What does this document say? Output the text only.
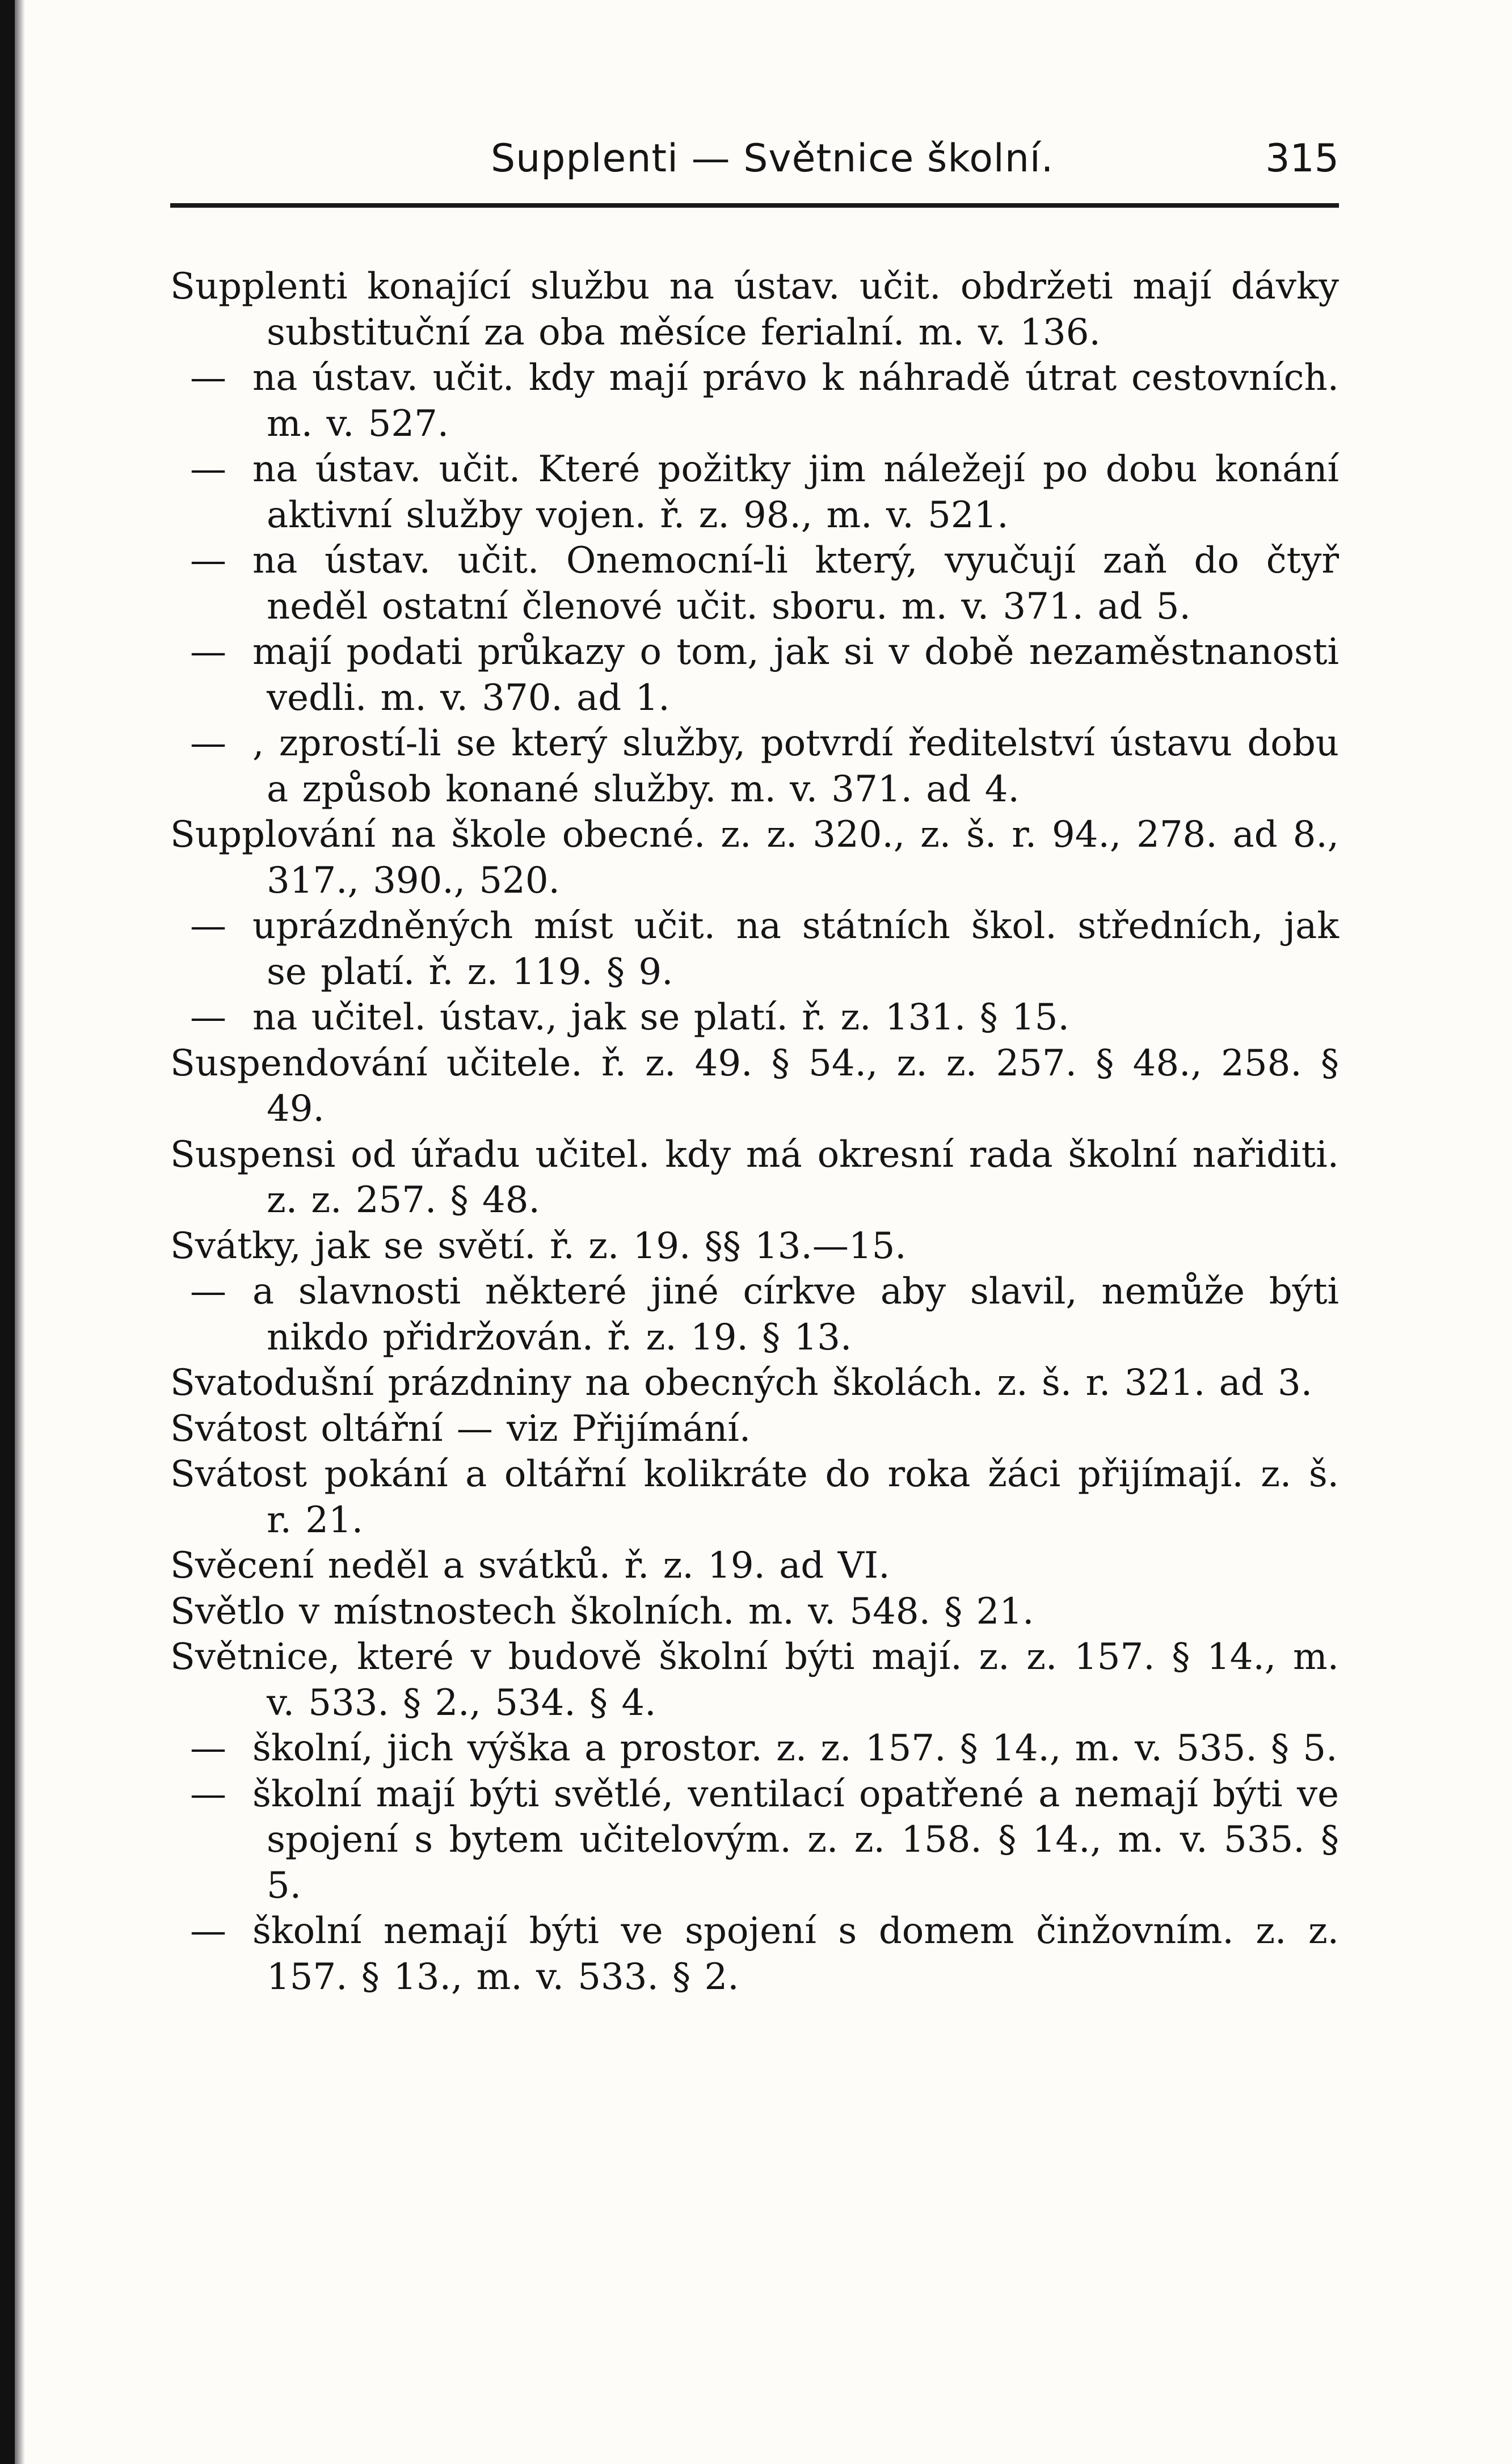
Supplenti — Světnice školní.	315
Supplenti konající službu na ústav. učit. obdržeti mají dávky substituční za oba měsíce ferialní. m. v. 136.
— na ústav. učit. kdy mají právo k náhradě útrat cestovních. m. v. 527.
— na ústav. učit. Které požitky jim náležejí po dobu konání aktivní služby vojen. ř. z. 98., m. v. 521.
— na ústav. učit. Onemocní-li který, vyučují zaň do čtyř neděl ostatní členové učit. sboru. m. v. 371. ad 5.
— mají podati průkazy o tom, jak si v době nezaměstnanosti vedli. m. v. 370. ad 1.
— , zprostí-li se který služby, potvrdí ředitelství ústavu dobu a způsob konané služby. m. v. 371. ad 4.
Supplování na škole obecné. z. z. 320., z. š. r. 94., 278. ad 8., 317., 390., 520.
— uprázdněných míst učit. na státních škol. středních, jak se platí. ř. z. 119. § 9.
— na učitel. ústav., jak se platí. ř. z. 131. § 15.
Suspendování učitele. ř. z. 49. § 54., z. z. 257. § 48., 258. § 49.
Suspensi od úřadu učitel. kdy má okresní rada školní nařiditi. z. z. 257. § 48.
Svátky, jak se světí. ř. z. 19. §§ 13.—15.
— a slavnosti některé jiné církve aby slavil, nemůže býti nikdo přidržován. ř. z. 19. § 13.
Svatodušní prázdniny na obecných školách. z. š. r. 321. ad 3.
Svátost oltářní — viz Přijímání.
Svátost pokání a oltářní kolikráte do roka žáci přijímají. z. š. r. 21.
Svěcení neděl a svátků. ř. z. 19. ad VI.
Světlo v místnostech školních. m. v. 548. § 21.
Světnice, které v budově školní býti mají. z. z. 157. § 14., m. v. 533. § 2., 534. § 4.
— školní, jich výška a prostor. z. z. 157. § 14., m. v. 535. § 5.
— školní mají býti světlé, ventilací opatřené a nemají býti ve spojení s bytem učitelovým. z. z. 158. § 14., m. v. 535. § 5.
— školní nemají býti ve spojení s domem činžovním. z. z. 157. § 13., m. v. 533. § 2.
